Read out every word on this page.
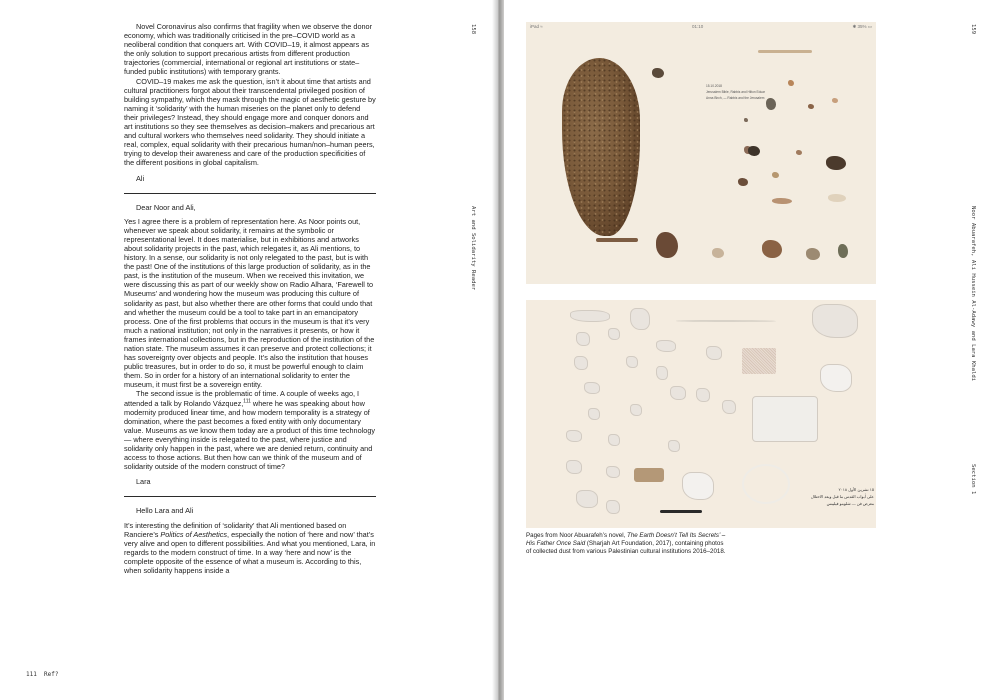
Novel Coronavirus also confirms that fragility when we observe the donor economy, which was traditionally criticised in the pre–COVID world as a neoliberal condition that conquers art. With COVID–19, it almost appears as the only solution to support precarious artists from different production trajectories (commercial, international or regional art institutions or state–funded public institutions) with temporary grants.

COVID–19 makes me ask the question, isn’t it about time that artists and cultural practitioners forgot about their transcendental privileged position of building sympathy, which they mask through the magic of aesthetic gesture by naming it ‘solidarity’ with the human miseries on the planet only to defend their privileges? Instead, they should engage more and conquer donors and art institutions so they see themselves as decision–makers and precarious art and cultural workers who themselves need solidarity. They should initiate a real, complex, equal solidarity with their precarious human/non–human peers, trying to develop their awareness and care of the production specificities of the different positions in global capitalism.

Ali
Dear Noor and Ali,

Yes I agree there is a problem of representation here. As Noor points out, whenever we speak about solidarity, it remains at the symbolic or representational level. It does materialise, but in exhibitions and artworks about solidarity projects in the past, which relegates it, as Ali mentions, to history. In a sense, our solidarity is not only relegated to the past, but is with the past! One of the institutions of this large production of solidarity, as in the past, is the institution of the museum. When we received this invitation, we were discussing this as part of our weekly show on Radio Alhara, ‘Farewell to Museums’ and wondering how the museum was producing this culture of solidarity as past, but also whether there are other forms that could undo that and whether the museum could be a tool to take part in an emancipatory process. One of the first problems that occurs in the museum is that it’s very much a national institution; not only in the narratives it presents, or how it frames international collections, but in the reproduction of the institution of the nation state. The museum assumes it can preserve and protect collections; it has sovereignty over objects and people. It’s also the institution that houses public treasures, but in order to do so, it must be powerful enough to claim them. So in order for a history of an international solidarity to enter the museum, it must first be a sovereign entity.

The second issue is the problematic of time. A couple of weeks ago, I attended a talk by Rolando Vázquez,$^{111}$ where he was speaking about how modernity produced linear time, and how modern temporality is a strategy of domination, where the past becomes a fixed entity with only documentary value. Museums as we know them today are a product of this time technology — where everything inside is relegated to the past, where justice and solidarity only happen in the past, where we are denied return, continuity and access to those actions. But then how can we think of the museum and of solidarity outside of the modern construct of time?

Lara
Hello Lara and Ali

It’s interesting the definition of ‘solidarity’ that Ali mentioned based on Ranciere’s Politics of Aesthetics, especially the notion of ‘here and now’ that’s very alive and open to different possibilities. And what you mentioned, Lara, in regards to the modern construct of time. In a way ‘here and now’ is the complete opposite of the essence of what a museum is. According to this, when solidarity happens inside a

158
Art and Solidarity Reader
111 Ref?
iPad ≈	01:10	✱ 35% ▭
15.10.2018
Jerusalem Bible, Rabbis and Hilton Eduar
Anna Birch, — Rabbis and the Jerusalem
١٥ تشرين الأول ٢٠١٨
على أبواب القدس ما قبل وبعد الاحتلال
معرض فن — شلومو فيليبس
Pages from Noor Abuarafeh’s novel, The Earth Doesn’t Tell Its Secrets’ – His Father Once Said (Sharjah Art Foundation, 2017), containing photos of collected dust from various Palestinian cultural institutions 2016–2018.
159
Noor Abuarafeh, Ali Hussein Al-Adawy and Lara Khaldi
Section 1
